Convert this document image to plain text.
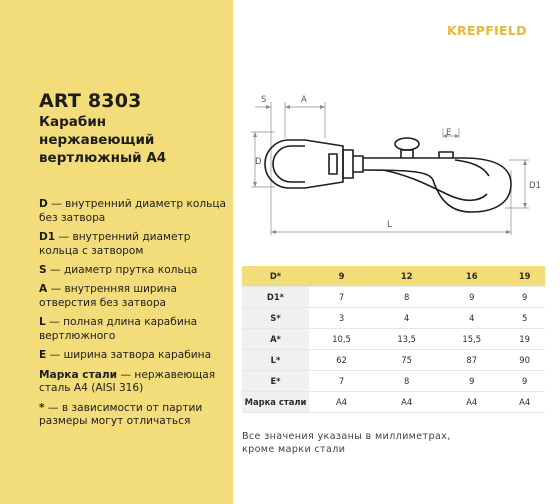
ART 8303
Карабин
нержавеющий
вертлюжный А4
D — внутренний диаметр кольца без затвора
D1 — внутренний диаметр кольца с затвором
S — диаметр прутка кольца
A — внутренняя ширина отверстия без затвора
L — полная длина карабина вертлюжного
E — ширина затвора карабина
Марка стали — нержавеющая сталь А4 (AISI 316)
* — в зависимости от партии размеры могут отличаться
KREPFIELD
S	A
D
E
D1
L
D*	9	12	16	19
D1*	7	8	9	9
S*	3	4	4	5
A*	10,5	13,5	15,5	19
L*	62	75	87	90
E*	7	8	9	9
Марка стали	А4	А4	А4	А4
Все значения указаны в миллиметрах,
кроме марки стали
